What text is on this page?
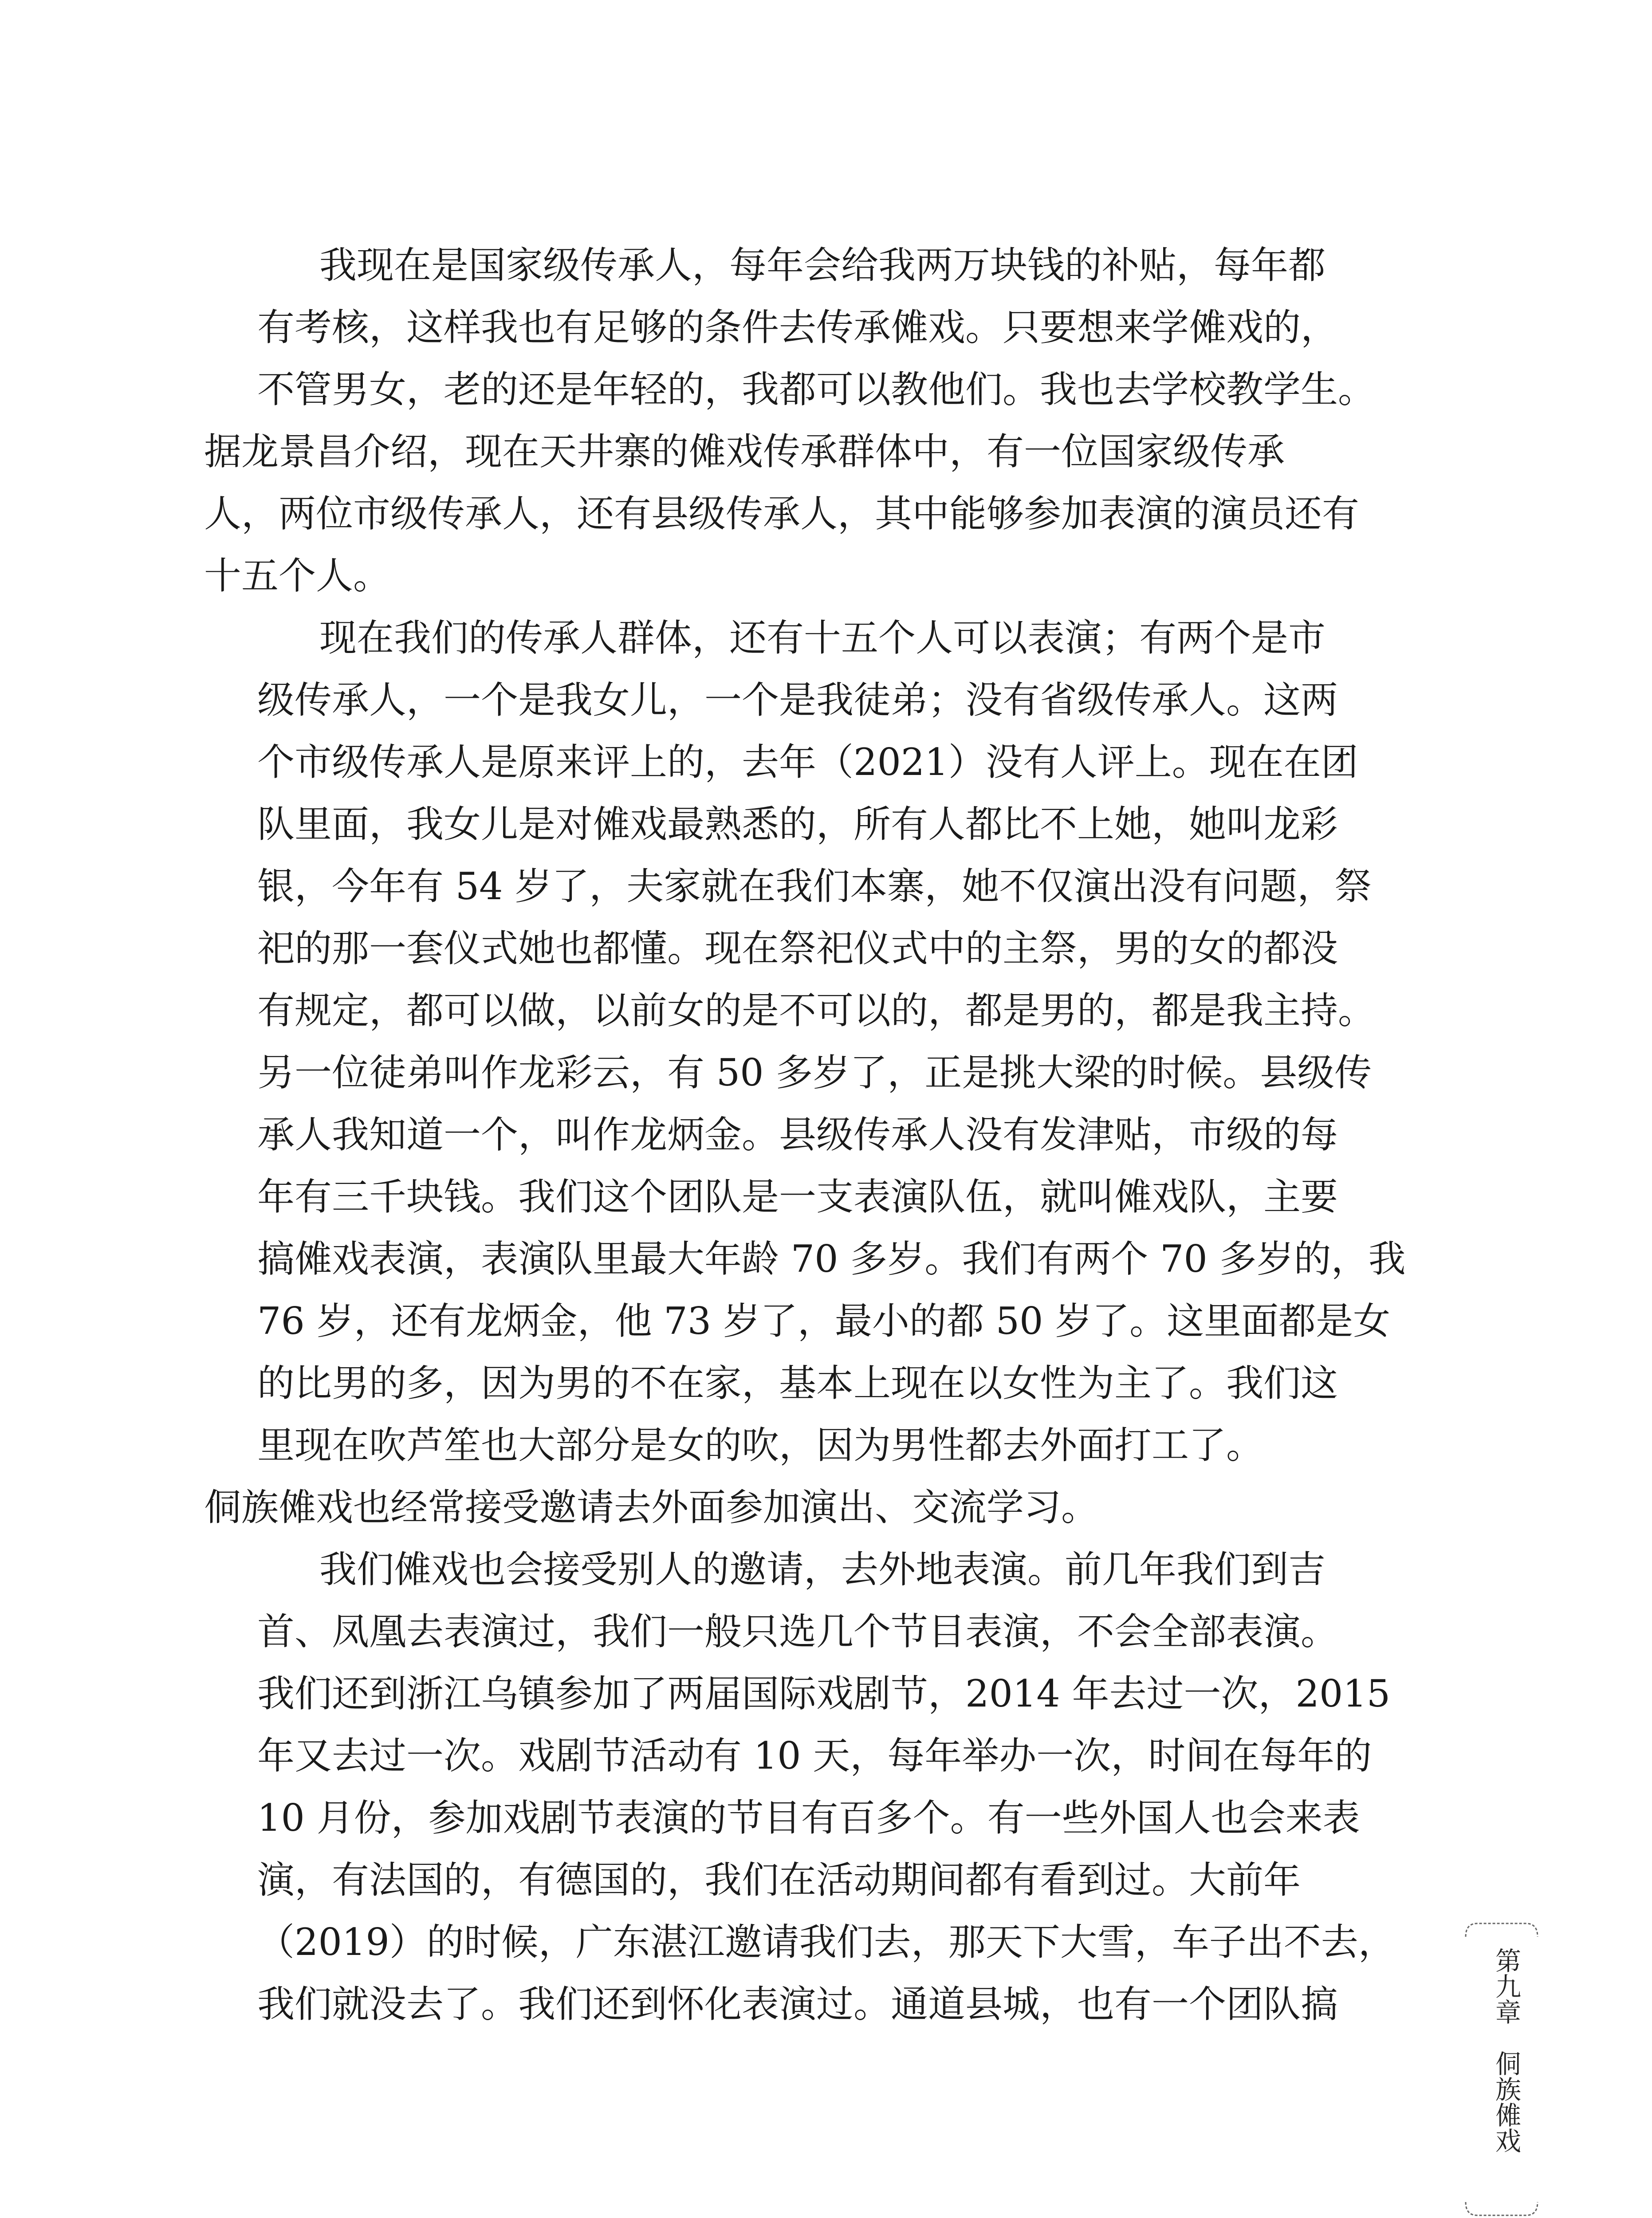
我现在是国家级传承人，每年会给我两万块钱的补贴，每年都
有考核，这样我也有足够的条件去传承傩戏。只要想来学傩戏的，
不管男女，老的还是年轻的，我都可以教他们。我也去学校教学生。
据龙景昌介绍，现在天井寨的傩戏传承群体中，有一位国家级传承
人，两位市级传承人，还有县级传承人，其中能够参加表演的演员还有
十五个人。
现在我们的传承人群体，还有十五个人可以表演；有两个是市
级传承人，一个是我女儿，一个是我徒弟；没有省级传承人。这两
个市级传承人是原来评上的，去年（2021）没有人评上。现在在团
队里面，我女儿是对傩戏最熟悉的，所有人都比不上她，她叫龙彩
银，今年有 54 岁了，夫家就在我们本寨，她不仅演出没有问题，祭
祀的那一套仪式她也都懂。现在祭祀仪式中的主祭，男的女的都没
有规定，都可以做，以前女的是不可以的，都是男的，都是我主持。
另一位徒弟叫作龙彩云，有 50 多岁了，正是挑大梁的时候。县级传
承人我知道一个，叫作龙炳金。县级传承人没有发津贴，市级的每
年有三千块钱。我们这个团队是一支表演队伍，就叫傩戏队，主要
搞傩戏表演，表演队里最大年龄 70 多岁。我们有两个 70 多岁的，我
76 岁，还有龙炳金，他 73 岁了，最小的都 50 岁了。这里面都是女
的比男的多，因为男的不在家，基本上现在以女性为主了。我们这
里现在吹芦笙也大部分是女的吹，因为男性都去外面打工了。
侗族傩戏也经常接受邀请去外面参加演出、交流学习。
我们傩戏也会接受别人的邀请，去外地表演。前几年我们到吉
首、凤凰去表演过，我们一般只选几个节目表演，不会全部表演。
我们还到浙江乌镇参加了两届国际戏剧节，2014 年去过一次，2015
年又去过一次。戏剧节活动有 10 天，每年举办一次，时间在每年的
10 月份，参加戏剧节表演的节目有百多个。有一些外国人也会来表
演，有法国的，有德国的，我们在活动期间都有看到过。大前年
（2019）的时候，广东湛江邀请我们去，那天下大雪，车子出不去，
我们就没去了。我们还到怀化表演过。通道县城，也有一个团队搞	第九章　侗族傩戏
